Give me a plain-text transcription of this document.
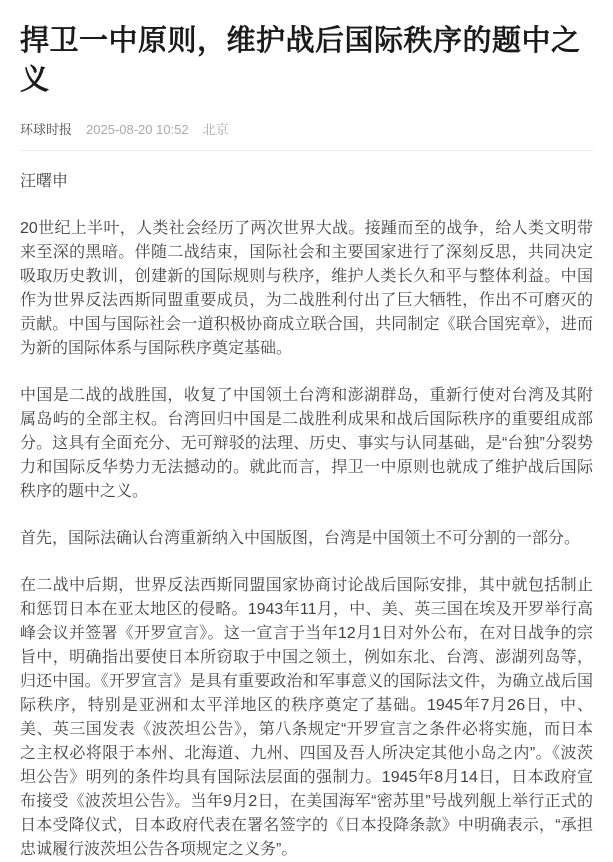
捍卫一中原则，维护战后国际秩序的题中之义
环球时报 2025-08-20 10:52 北京

汪曙申

20世纪上半叶，人类社会经历了两次世界大战。接踵而至的战争，给人类文明带来至深的黑暗。伴随二战结束，国际社会和主要国家进行了深刻反思，共同决定吸取历史教训，创建新的国际规则与秩序，维护人类长久和平与整体利益。中国作为世界反法西斯同盟重要成员，为二战胜利付出了巨大牺牲，作出不可磨灭的贡献。中国与国际社会一道积极协商成立联合国，共同制定《联合国宪章》，进而为新的国际体系与国际秩序奠定基础。

中国是二战的战胜国，收复了中国领土台湾和澎湖群岛，重新行使对台湾及其附属岛屿的全部主权。台湾回归中国是二战胜利成果和战后国际秩序的重要组成部分。这具有全面充分、无可辩驳的法理、历史、事实与认同基础，是“台独”分裂势力和国际反华势力无法撼动的。就此而言，捍卫一中原则也就成了维护战后国际秩序的题中之义。

首先，国际法确认台湾重新纳入中国版图，台湾是中国领土不可分割的一部分。

在二战中后期，世界反法西斯同盟国家协商讨论战后国际安排，其中就包括制止和惩罚日本在亚太地区的侵略。1943年11月，中、美、英三国在埃及开罗举行高峰会议并签署《开罗宣言》。这一宣言于当年12月1日对外公布，在对日战争的宗旨中，明确指出要使日本所窃取于中国之领土，例如东北、台湾、澎湖列岛等，归还中国。《开罗宣言》是具有重要政治和军事意义的国际法文件，为确立战后国际秩序，特别是亚洲和太平洋地区的秩序奠定了基础。1945年7月26日，中、美、英三国发表《波茨坦公告》，第八条规定“开罗宣言之条件必将实施，而日本之主权必将限于本州、北海道、九州、四国及吾人所决定其他小岛之内”。《波茨坦公告》明列的条件均具有国际法层面的强制力。1945年8月14日，日本政府宣布接受《波茨坦公告》。当年9月2日，在美国海军“密苏里”号战列舰上举行正式的日本受降仪式，日本政府代表在署名签字的《日本投降条款》中明确表示，“承担忠诚履行波茨坦公告各项规定之义务”。
